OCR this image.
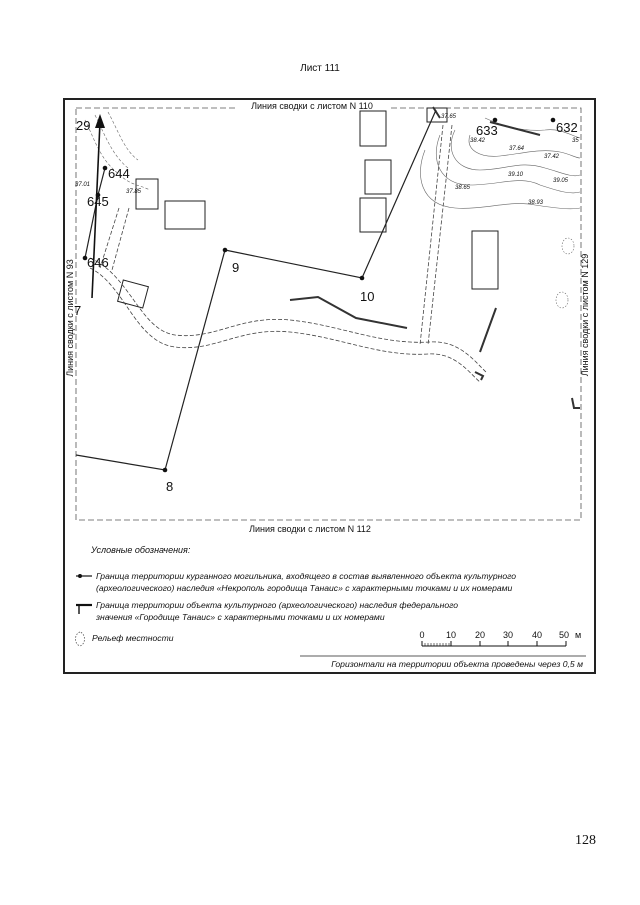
Лист 111
29
644
645
646
7
9
10
8
633	632
37.65
38.42
37.64
37.42
35
39.10
39.05
38.65
38.93
37.01
37.85
Линия сводки с листом N 110
Линия сводки с листом N 112
Линия сводки с листом N 93	Линия сводки с листом N 129
Условные обозначения:
Граница территории курганного могильника, входящего в состав выявленного объекта культурного
(археологического) наследия «Некрополь городища Танаис» с характерными точками и их номерами
Граница территории объекта культурного (археологического) наследия федерального
значения «Городище Танаис» с характерными точками и их номерами
Рельеф местности	0 10 20 30 40 50 м
Горизонтали на территории объекта проведены через 0,5 м
128
